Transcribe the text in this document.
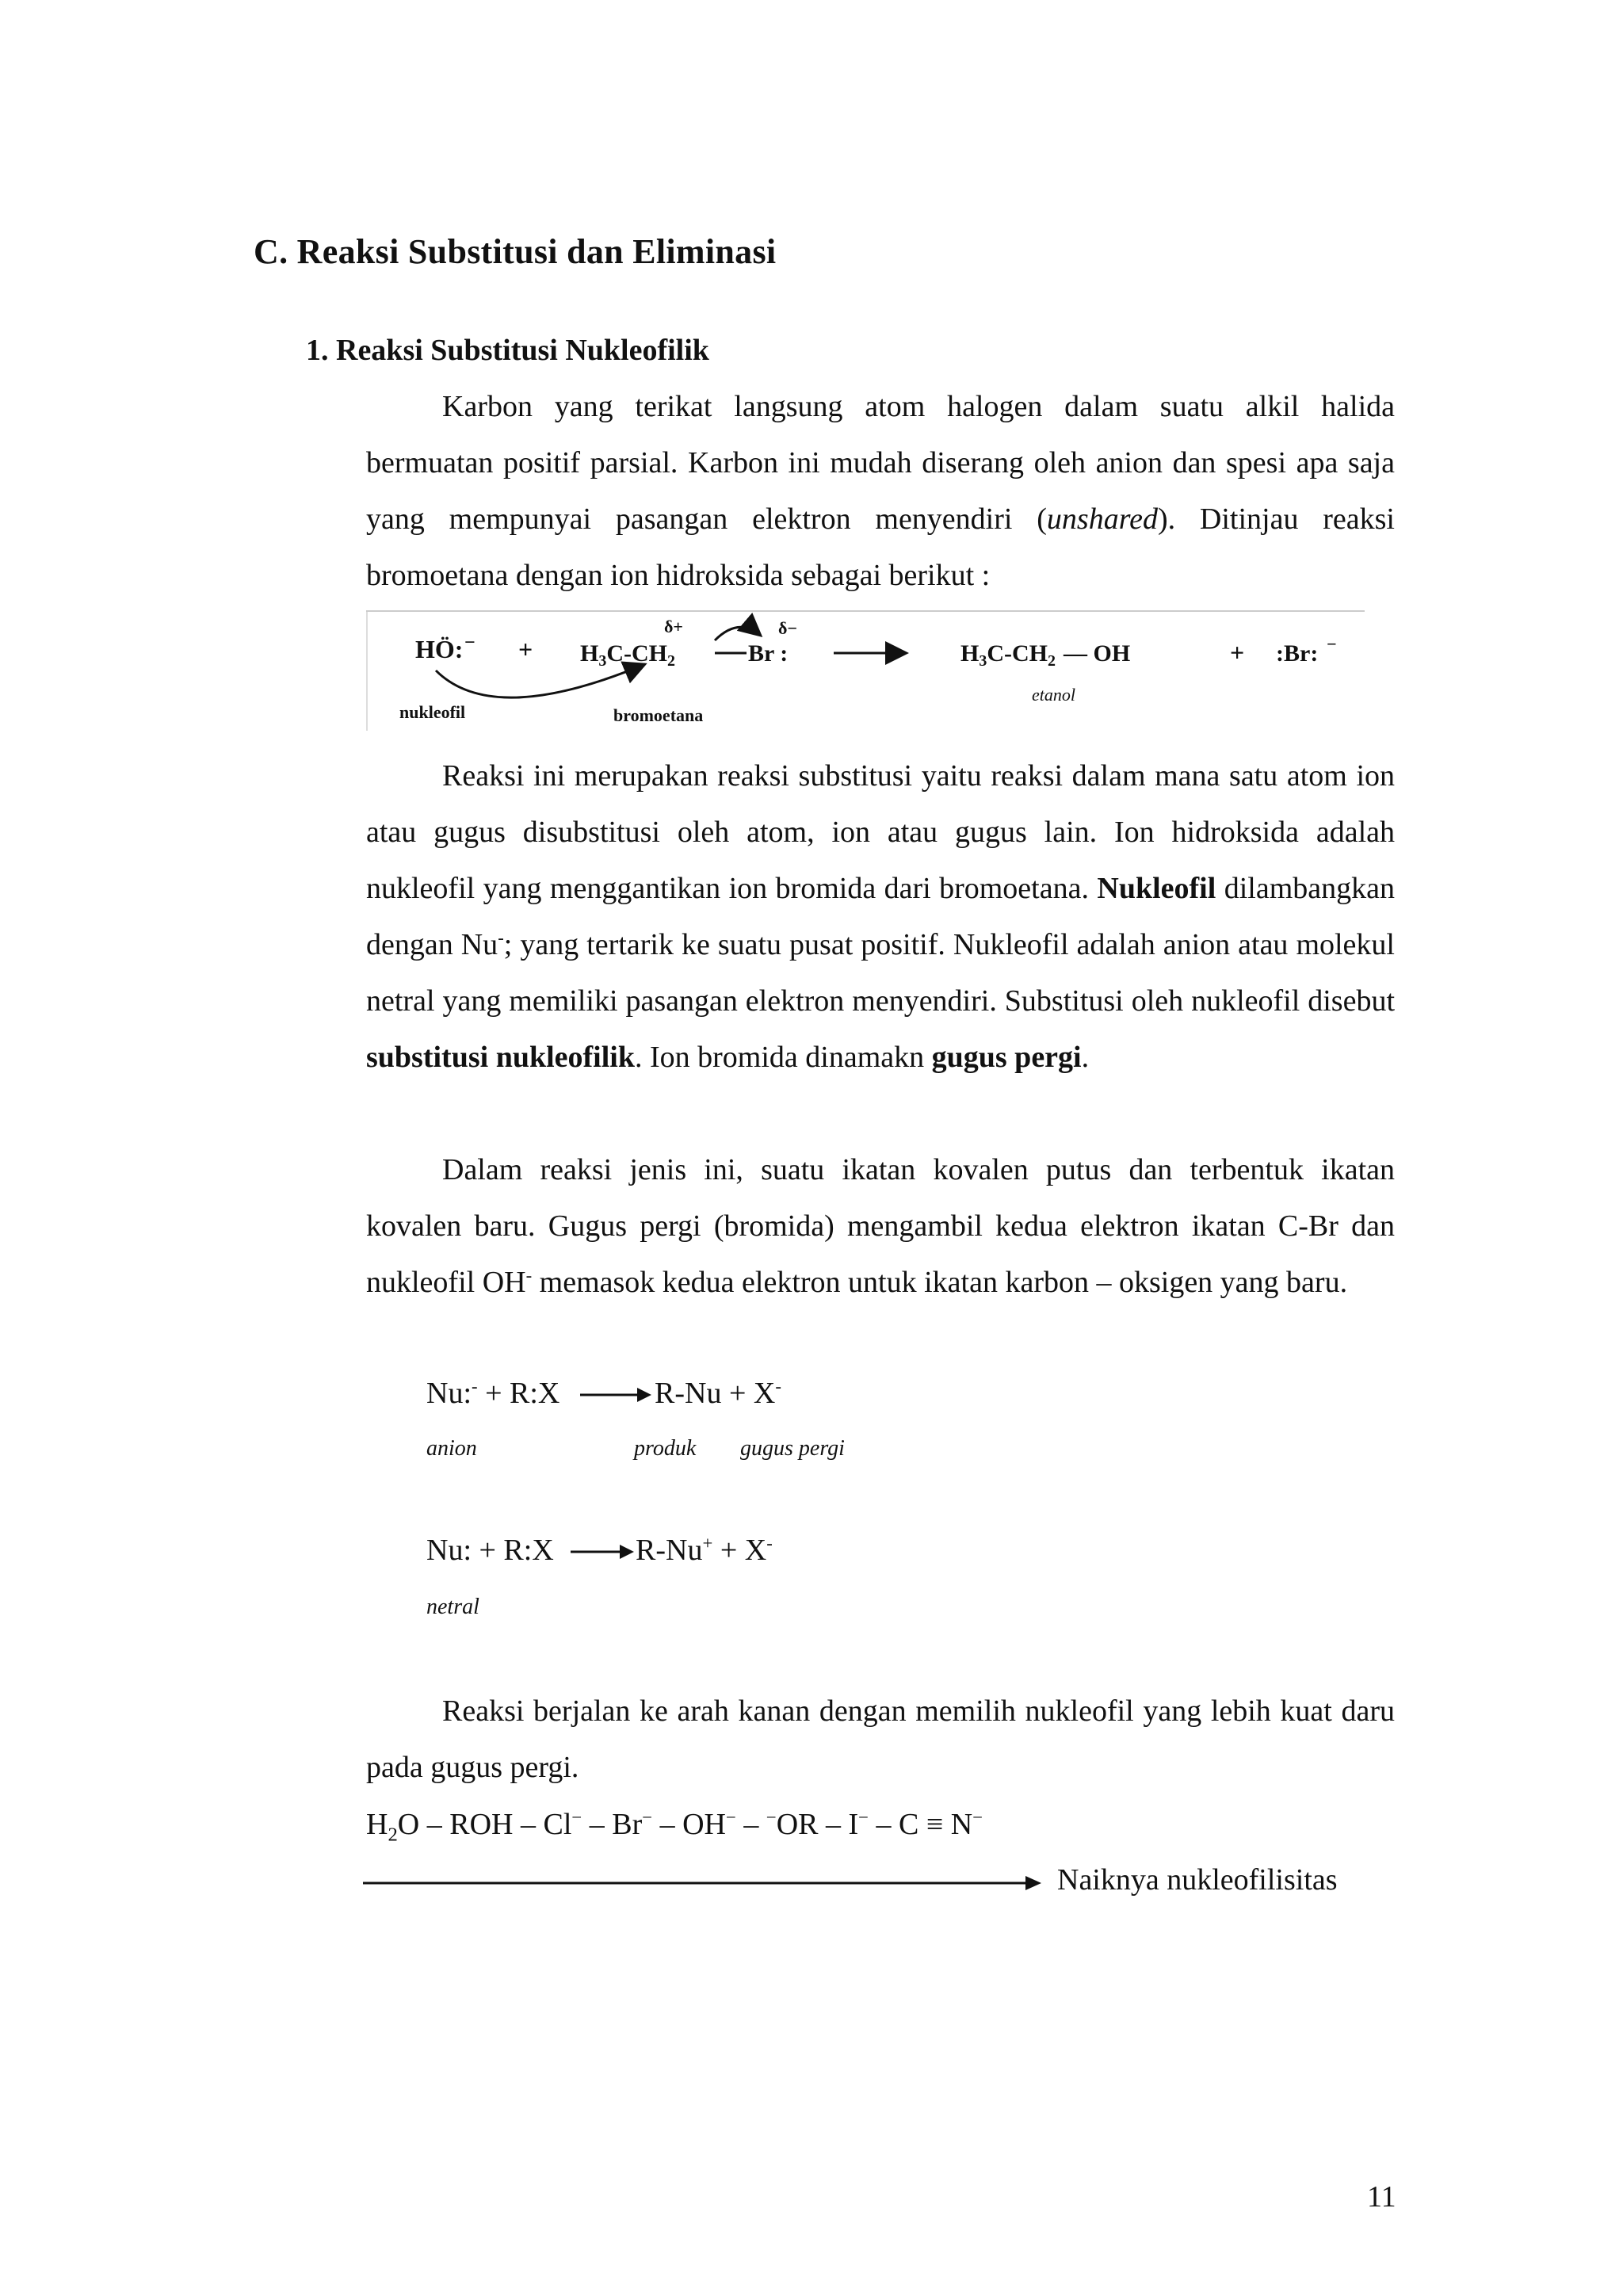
C. Reaksi Substitusi dan Eliminasi
1. Reaksi Substitusi Nukleofilik

Karbon yang terikat langsung atom halogen dalam suatu alkil halida bermuatan positif parsial. Karbon ini mudah diserang oleh anion dan spesi apa saja yang mempunyai pasangan elektron menyendiri (unshared). Ditinjau reaksi bromoetana dengan ion hidroksida sebagai berikut :

HÖ: − + $H_3C-CH_2$	Br :
δ+	δ−
$H_3C-CH_2$ — OH	+ :Br: −
nukleofil	bromoetana
etanol

Reaksi ini merupakan reaksi substitusi yaitu reaksi dalam mana satu atom ion atau gugus disubstitusi oleh atom, ion atau gugus lain. Ion hidroksida adalah nukleofil yang menggantikan ion bromida dari bromoetana. Nukleofil dilambangkan dengan Nu-; yang tertarik ke suatu pusat positif. Nukleofil adalah anion atau molekul netral yang memiliki pasangan elektron menyendiri. Substitusi oleh nukleofil disebut substitusi nukleofilik. Ion bromida dinamakn gugus pergi.

Dalam reaksi jenis ini, suatu ikatan kovalen putus dan terbentuk ikatan kovalen baru. Gugus pergi (bromida) mengambil kedua elektron ikatan C-Br dan nukleofil OH- memasok kedua elektron untuk ikatan karbon – oksigen yang baru.

Nu:- + R:X	R-Nu + X-
anion	produk gugus pergi
Nu: + R:X	R-Nu+ + X-
netral

Reaksi berjalan ke arah kanan dengan memilih nukleofil yang lebih kuat daru pada gugus pergi.

$H_2O$ – ROH – Cl− – Br− – OH− – −OR – I− – C ≡ N−
Naiknya nukleofilisitas
11
